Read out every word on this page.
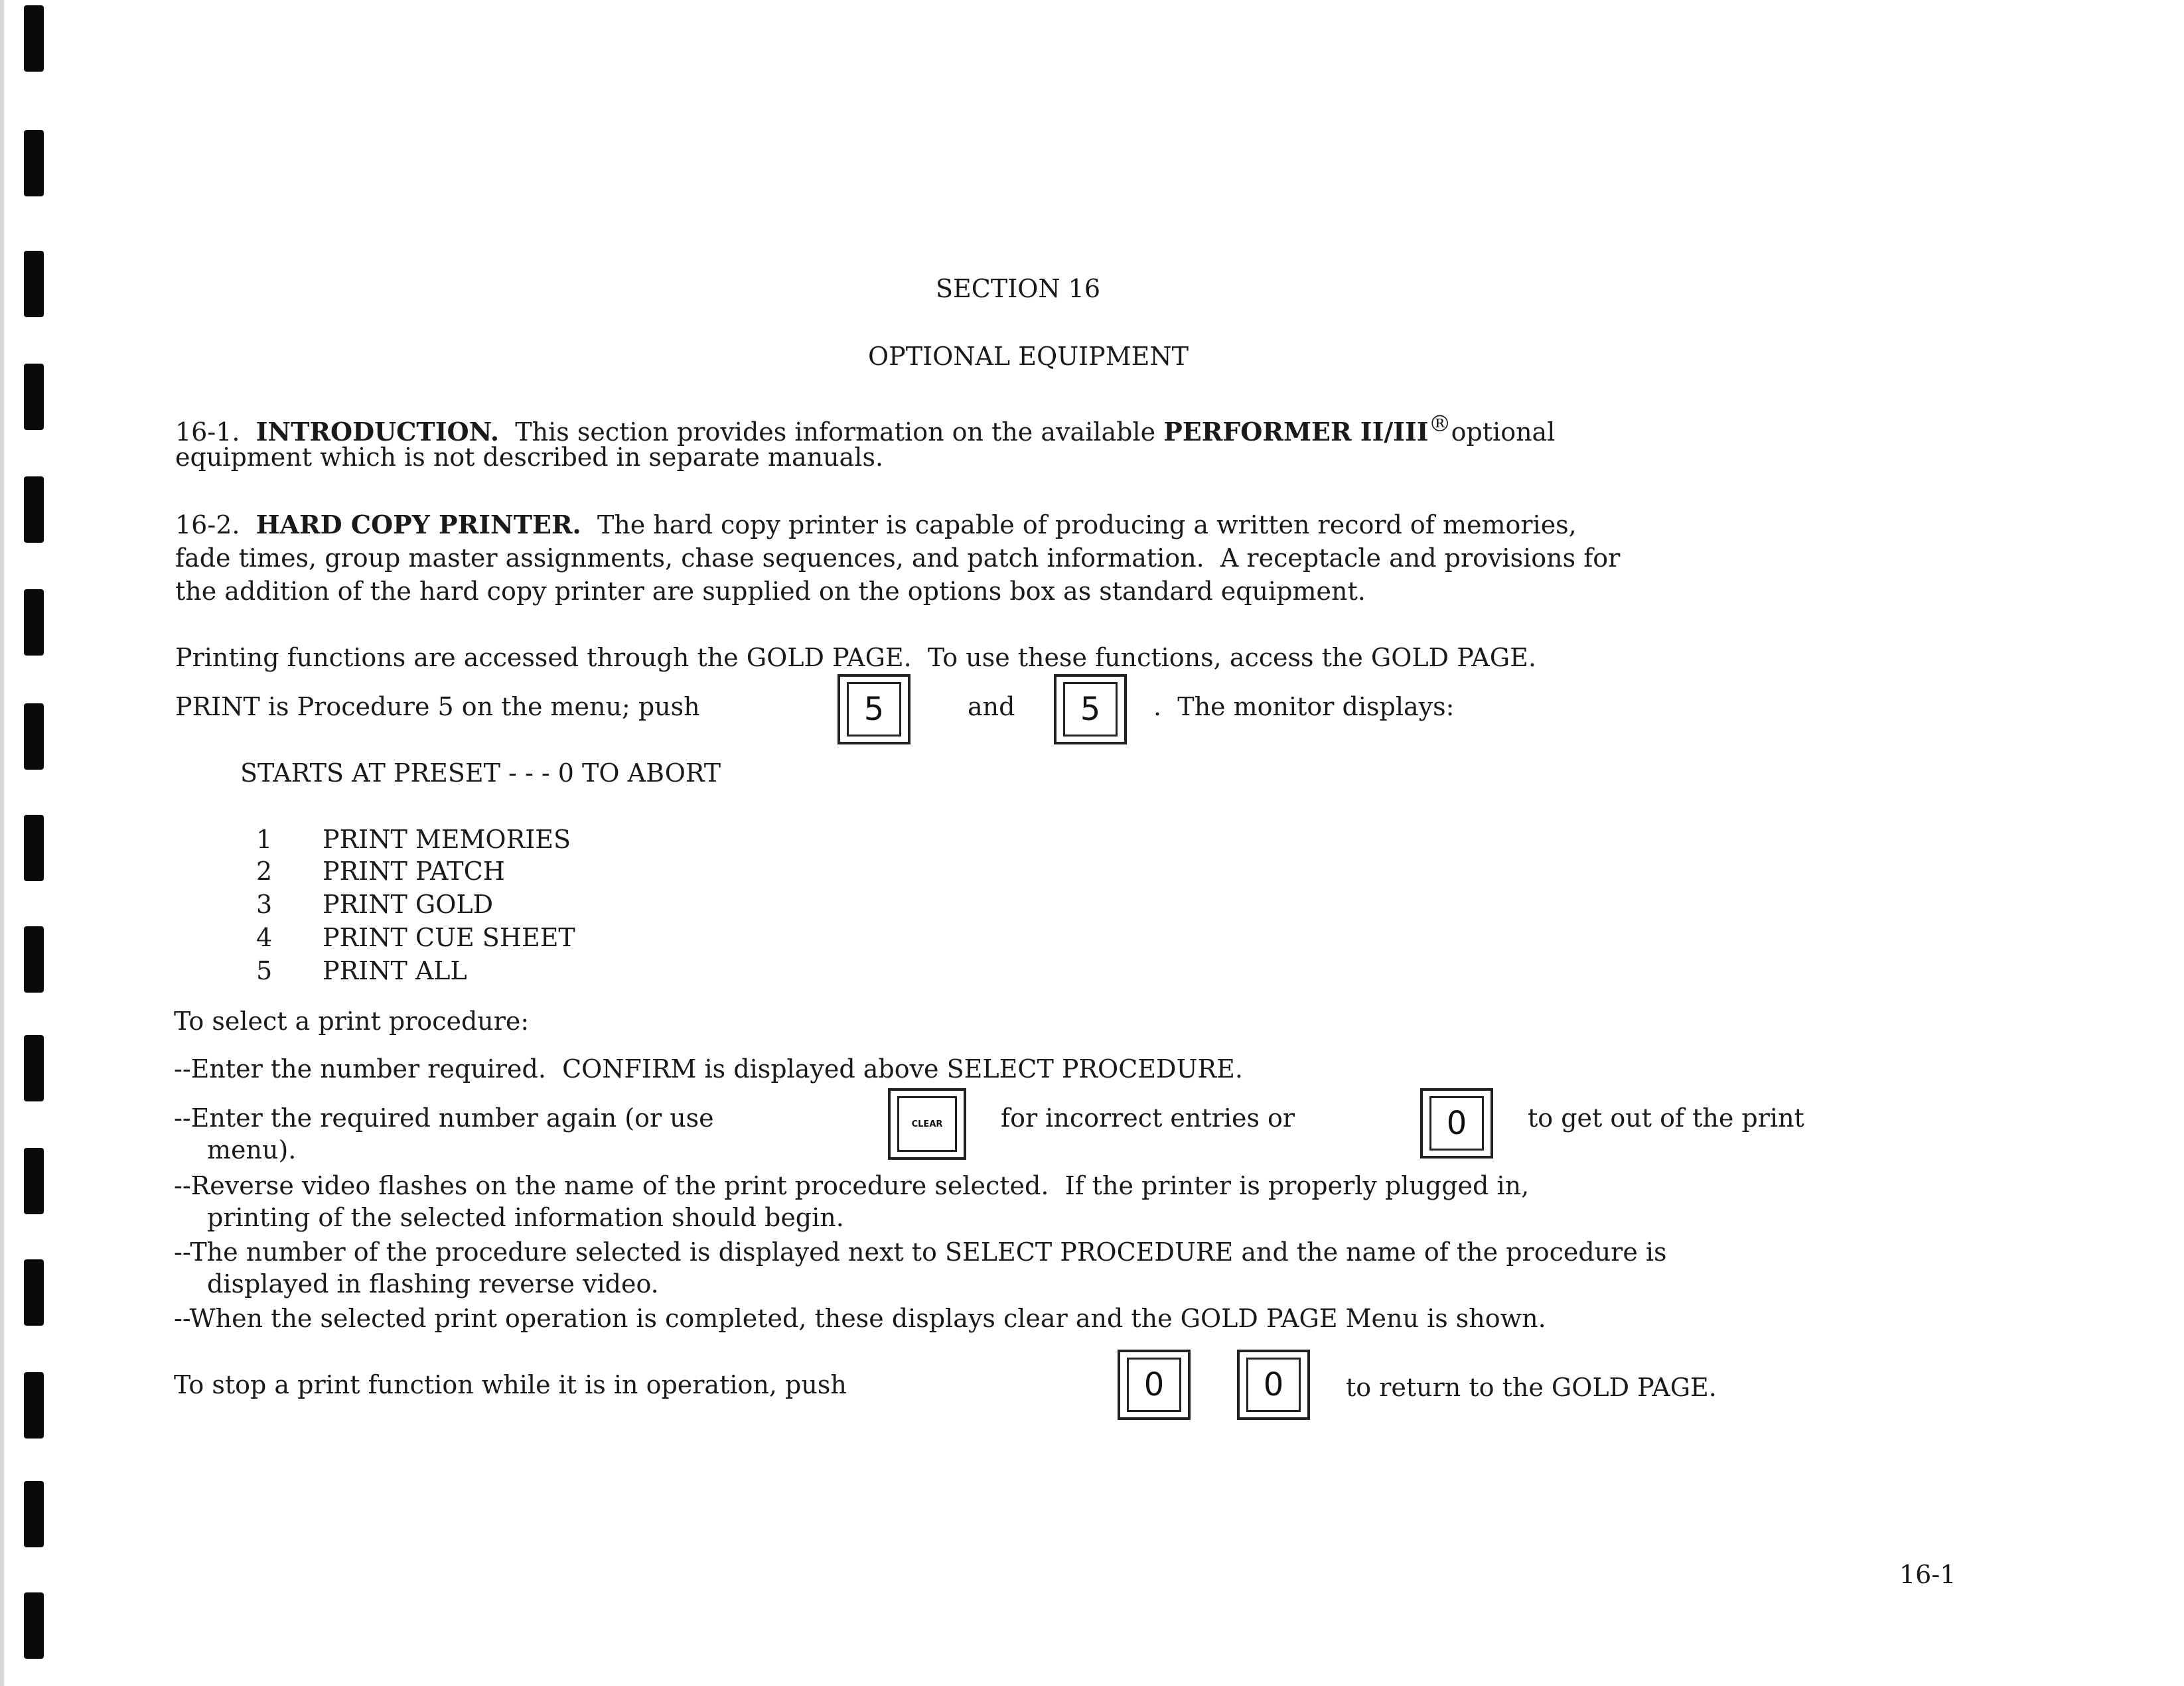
SECTION 16
OPTIONAL EQUIPMENT
16-1. INTRODUCTION. This section provides information on the available PERFORMER II/III®optional
equipment which is not described in separate manuals.
16-2. HARD COPY PRINTER. The hard copy printer is capable of producing a written record of memories,
fade times, group master assignments, chase sequences, and patch information.  A receptacle and provisions for
the addition of the hard copy printer are supplied on the options box as standard equipment.
Printing functions are accessed through the GOLD PAGE.  To use these functions, access the GOLD PAGE.
PRINT is Procedure 5 on the menu; push	5	and	5	.  The monitor displays:
STARTS AT PRESET - - - 0 TO ABORT
1 PRINT MEMORIES
2 PRINT PATCH
3 PRINT GOLD
4 PRINT CUE SHEET
5 PRINT ALL
To select a print procedure:
--Enter the number required.  CONFIRM is displayed above SELECT PROCEDURE.
--Enter the required number again (or use	CLEAR	for incorrect entries or	0	to get out of the print
menu).
--Reverse video flashes on the name of the print procedure selected.  If the printer is properly plugged in,
printing of the selected information should begin.
--The number of the procedure selected is displayed next to SELECT PROCEDURE and the name of the procedure is
displayed in flashing reverse video.
--When the selected print operation is completed, these displays clear and the GOLD PAGE Menu is shown.
To stop a print function while it is in operation, push	0	0	to return to the GOLD PAGE.
16-1
